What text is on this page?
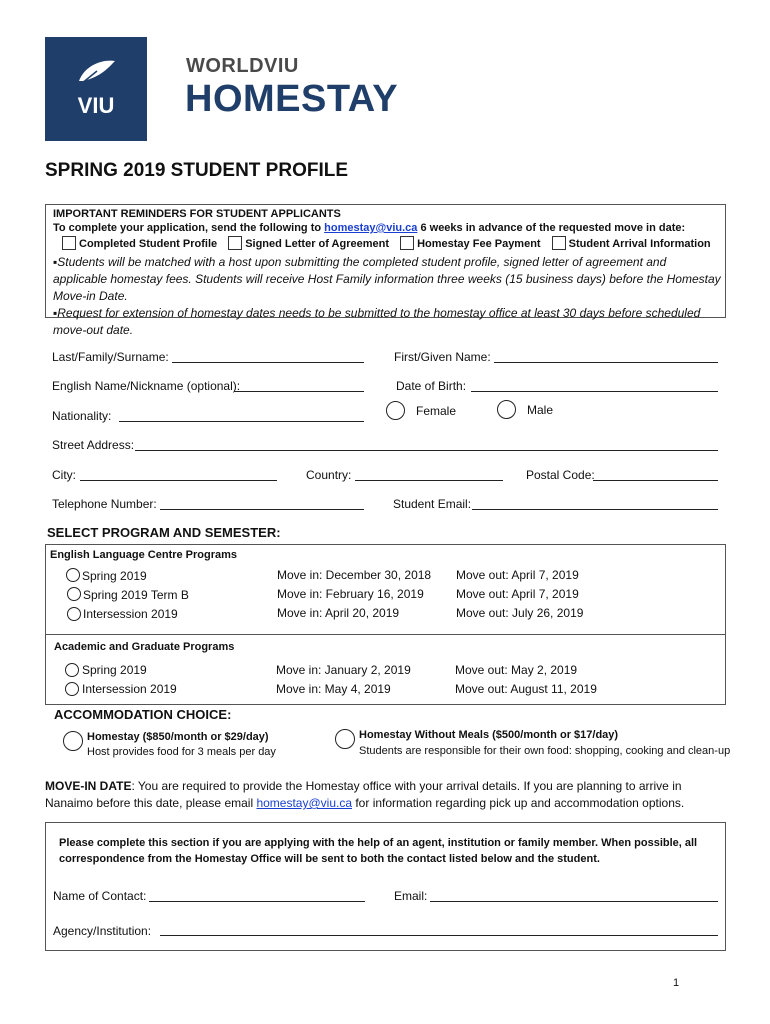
VIU
WORLDVIU
HOMESTAY
SPRING 2019 STUDENT PROFILE
IMPORTANT REMINDERS FOR STUDENT APPLICANTS
To complete your application, send the following to homestay@viu.ca 6 weeks in advance of the requested move in date:
Completed Student Profile	Signed Letter of Agreement	Homestay Fee Payment	Student Arrival Information
▪Students will be matched with a host upon submitting the completed student profile, signed letter of agreement and applicable homestay fees. Students will receive Host Family information three weeks (15 business days) before the Homestay Move-in Date.
▪Request for extension of homestay dates needs to be submitted to the homestay office at least 30 days before scheduled move-out date.
Last/Family/Surname:	First/Given Name:
English Name/Nickname (optional):	Date of Birth:
Female	Male
Nationality:
Street Address:
City:	Country:	Postal Code:
Telephone Number:	Student Email:
SELECT PROGRAM AND SEMESTER:
English Language Centre Programs
Academic and Graduate Programs
Spring 2019	Move in: December 30, 2018 Move out: April 7, 2019
Spring 2019 Term B	Move in: February 16, 2019	Move out: April 7, 2019
Intersession 2019	Move in: April 20, 2019	Move out: July 26, 2019
Spring 2019	Move in: January 2, 2019	Move out: May 2, 2019
Intersession 2019	Move in: May 4, 2019	Move out: August 11, 2019
ACCOMMODATION CHOICE:
Homestay ($850/month or $29/day)
Host provides food for 3 meals per day
Homestay Without Meals ($500/month or $17/day)
Students are responsible for their own food: shopping, cooking and clean-up
MOVE-IN DATE: You are required to provide the Homestay office with your arrival details. If you are planning to arrive in Nanaimo before this date, please email homestay@viu.ca for information regarding pick up and accommodation options.
Please complete this section if you are applying with the help of an agent, institution or family member. When possible, all correspondence from the Homestay Office will be sent to both the contact listed below and the student.
Name of Contact:	Email:
Agency/Institution:
1
